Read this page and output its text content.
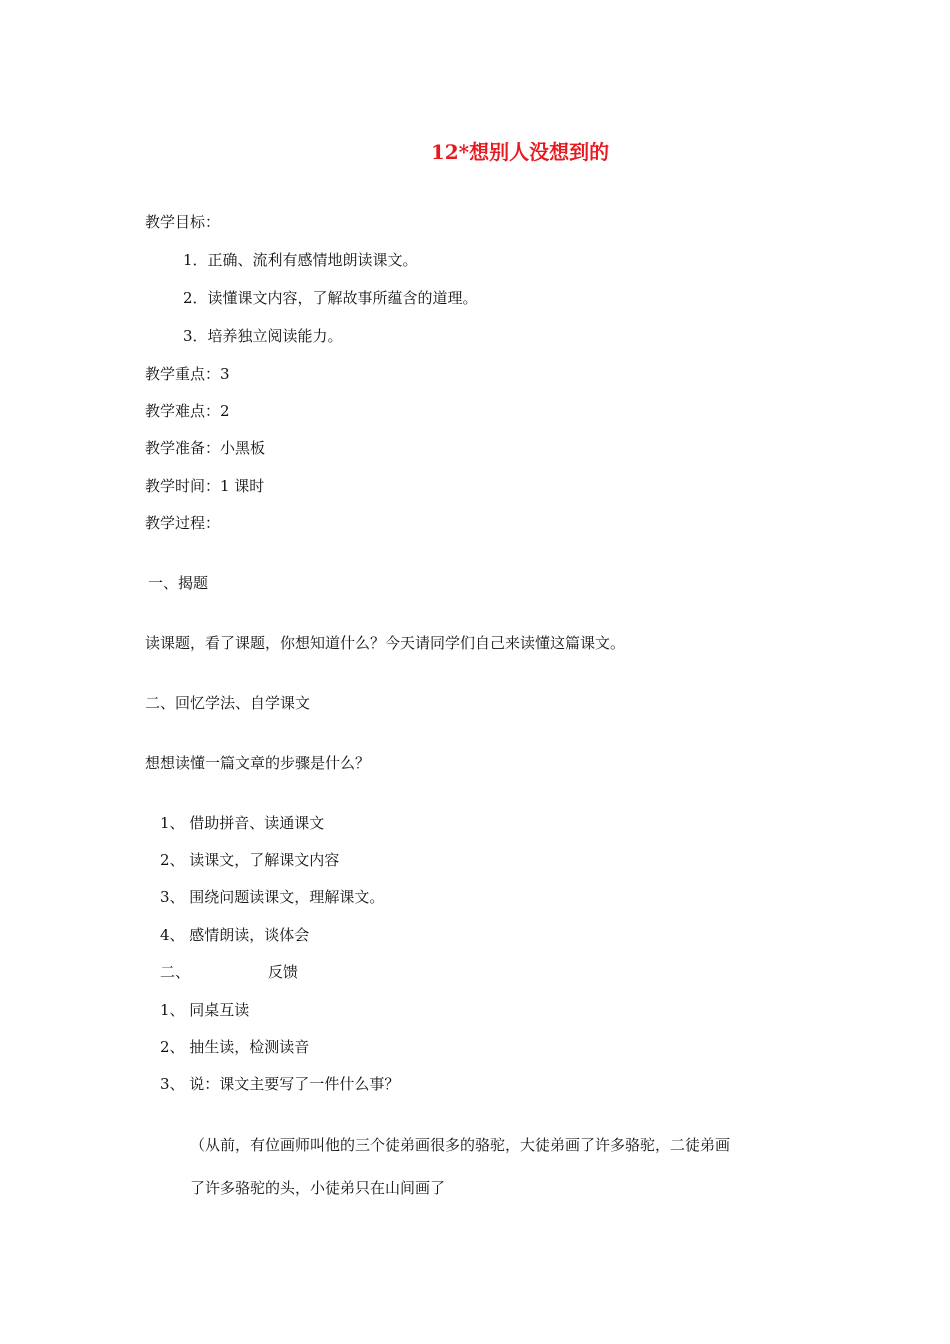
12*想别人没想到的
教学目标：
1．正确、流利有感情地朗读课文。
2．读懂课文内容，了解故事所蕴含的道理。
3．培养独立阅读能力。
教学重点：3
教学难点：2
教学准备：小黑板
教学时间：1 课时
教学过程：
一、揭题
读课题，看了课题，你想知道什么？今天请同学们自己来读懂这篇课文。
二、回忆学法、自学课文
想想读懂一篇文章的步骤是什么？
1、 借助拼音、读通课文
2、 读课文，了解课文内容
3、 围绕问题读课文，理解课文。
4、 感情朗读，谈体会
二、	反馈
1、 同桌互读
2、 抽生读，检测读音
3、 说：课文主要写了一件什么事？
（从前，有位画师叫他的三个徒弟画很多的骆驼，大徒弟画了许多骆驼，二徒弟画
了许多骆驼的头，小徒弟只在山间画了
